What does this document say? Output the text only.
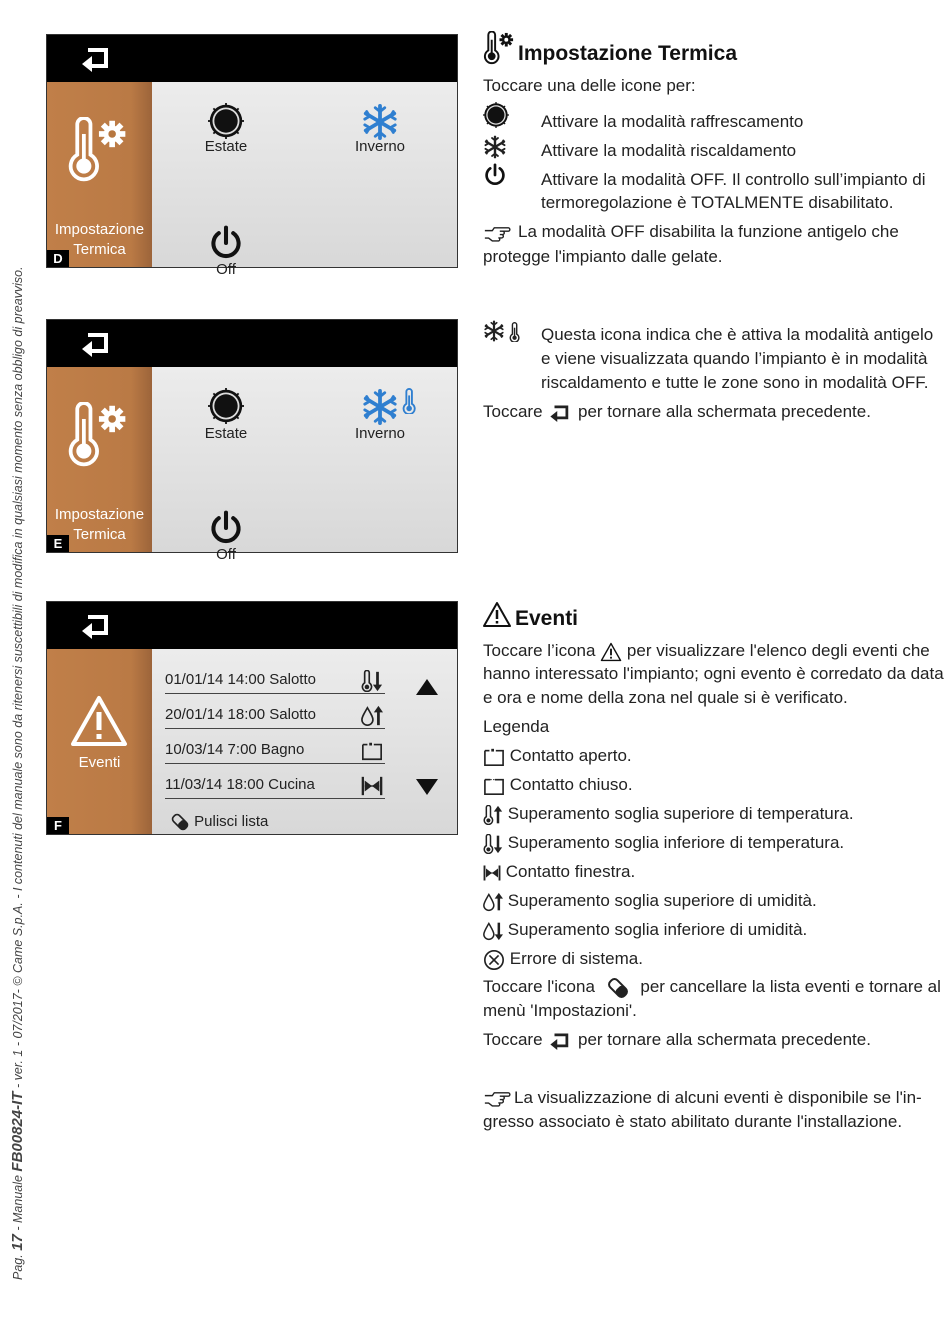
Pag. 17 - Manuale FB00824-IT - ver. 1 - 07/2017- © Came S.p.A. - I contenuti del manuale sono da ritenersi suscettibili di modifica in qualsiasi momento senza obbligo di preavviso.
Impostazione
Termica
D
Estate	Inverno
Off
Impostazione
Termica
E
Estate	Inverno
Off
Eventi
F
01/01/14 14:00 Salotto
20/01/14 18:00 Salotto
10/03/14 7:00 Bagno
11/03/14 18:00 Cucina
Pulisci lista
Impostazione Termica
Toccare una delle icone per:
Attivare la modalità raffrescamento
Attivare la modalità riscaldamento
Attivare la modalità OFF. Il controllo sull’impianto di
termoregolazione è TOTALMENTE disabilitato.
La modalità OFF disabilita la funzione antigelo che
protegge l'impianto dalle gelate.
Questa icona indica che è attiva la modalità antigelo
e viene visualizzata quando l’impianto è in modalità
riscaldamento e tutte le zone sono in modalità OFF.
Toccare per tornare alla schermata precedente.
Eventi
Toccare l’icona per visualizzare l'elenco degli eventi che
hanno interessato l'impianto; ogni evento è corredato da data
e ora e nome della zona nel quale si è verificato.
Legenda
Contatto aperto.
Contatto chiuso.
Superamento soglia superiore di temperatura.
Superamento soglia inferiore di temperatura.
Contatto finestra.
Superamento soglia superiore di umidità.
Superamento soglia inferiore di umidità.
Errore di sistema.
Toccare l'icona	per cancellare la lista eventi e tornare al
menù 'Impostazioni'.
Toccare per tornare alla schermata precedente.
La visualizzazione di alcuni eventi è disponibile se l'in-
gresso associato è stato abilitato durante l'installazione.
